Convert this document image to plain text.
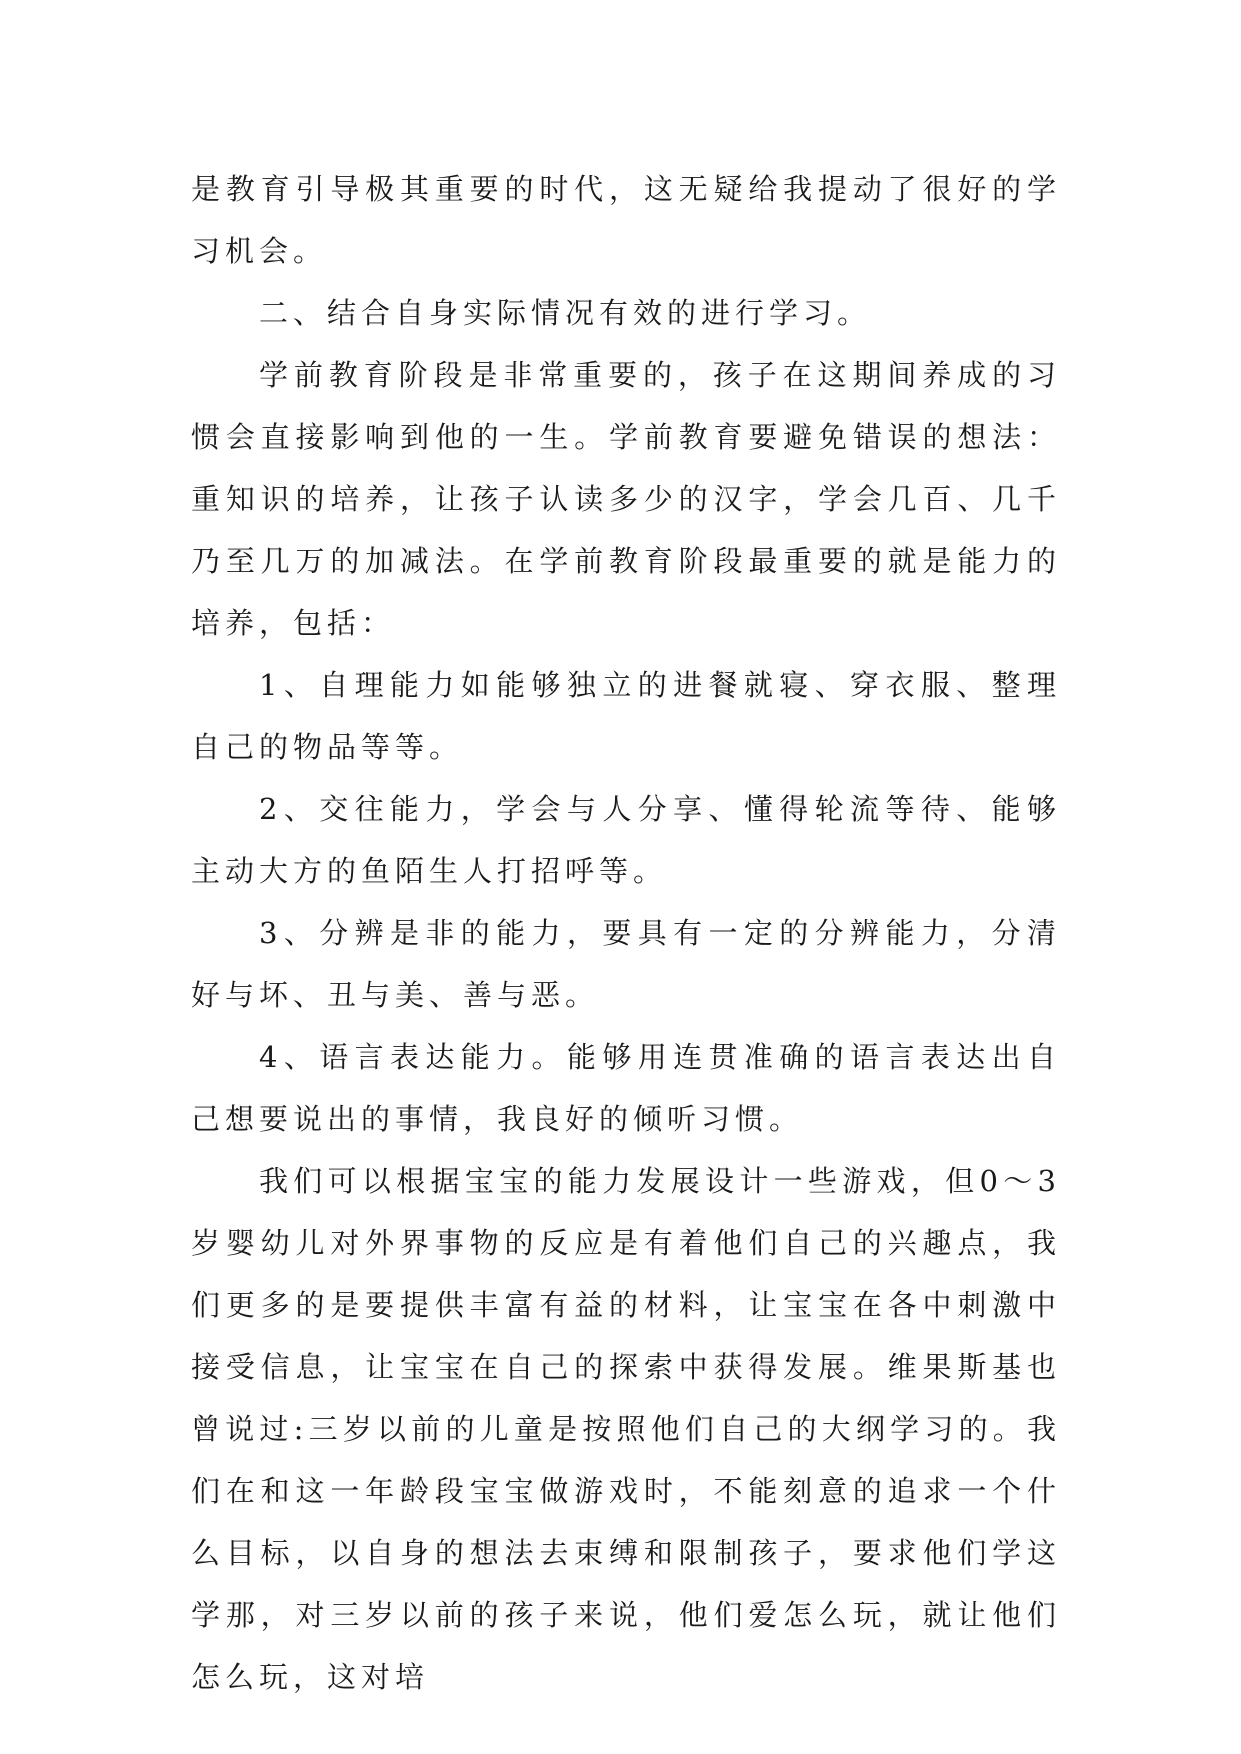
是教育引导极其重要的时代，这无疑给我提动了很好的学习机会。

二、结合自身实际情况有效的进行学习。

学前教育阶段是非常重要的，孩子在这期间养成的习惯会直接影响到他的一生。学前教育要避免错误的想法：重知识的培养，让孩子认读多少的汉字，学会几百、几千乃至几万的加减法。在学前教育阶段最重要的就是能力的培养，包括：

1、自理能力如能够独立的进餐就寝、穿衣服、整理自己的物品等等。

2、交往能力，学会与人分享、懂得轮流等待、能够主动大方的鱼陌生人打招呼等。

3、分辨是非的能力，要具有一定的分辨能力，分清好与坏、丑与美、善与恶。

4、语言表达能力。能够用连贯准确的语言表达出自己想要说出的事情，我良好的倾听习惯。

我们可以根据宝宝的能力发展设计一些游戏，但0～3岁婴幼儿对外界事物的反应是有着他们自己的兴趣点，我们更多的是要提供丰富有益的材料，让宝宝在各中刺激中接受信息，让宝宝在自己的探索中获得发展。维果斯基也曾说过:三岁以前的儿童是按照他们自己的大纲学习的。我们在和这一年龄段宝宝做游戏时，不能刻意的追求一个什么目标，以自身的想法去束缚和限制孩子，要求他们学这学那，对三岁以前的孩子来说，他们爱怎么玩，就让他们怎么玩，这对培
